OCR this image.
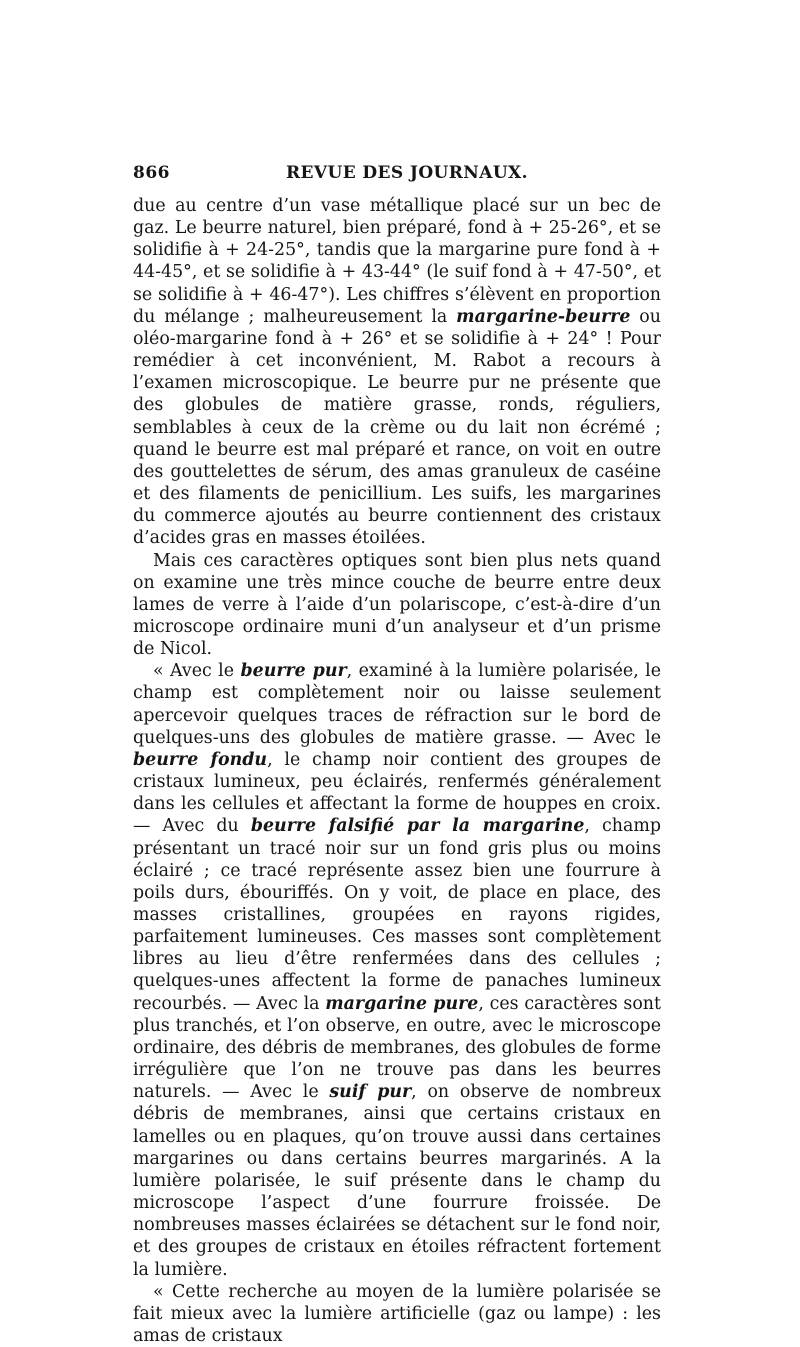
866	REVUE DES JOURNAUX.

due au centre d’un vase métallique placé sur un bec de gaz. Le beurre naturel, bien préparé, fond à + 25-26°, et se solidifie à + 24-25°, tandis que la margarine pure fond à + 44-45°, et se solidifie à + 43-44° (le suif fond à + 47-50°, et se solidifie à + 46-47°). Les chiffres s’élèvent en proportion du mélange ; malheureusement la margarine-beurre ou oléo-margarine fond à + 26° et se solidifie à + 24° ! Pour remédier à cet inconvénient, M. Rabot a recours à l’examen microscopique. Le beurre pur ne présente que des globules de matière grasse, ronds, réguliers, semblables à ceux de la crème ou du lait non écrémé ; quand le beurre est mal préparé et rance, on voit en outre des gouttelettes de sérum, des amas granuleux de caséine et des filaments de penicillium. Les suifs, les margarines du commerce ajoutés au beurre contiennent des cristaux d’acides gras en masses étoilées.

Mais ces caractères optiques sont bien plus nets quand on examine une très mince couche de beurre entre deux lames de verre à l’aide d’un polariscope, c’est-à-dire d’un microscope ordinaire muni d’un analyseur et d’un prisme de Nicol.

« Avec le beurre pur, examiné à la lumière polarisée, le champ est complètement noir ou laisse seulement apercevoir quelques traces de réfraction sur le bord de quelques-uns des globules de matière grasse. — Avec le beurre fondu, le champ noir contient des groupes de cristaux lumineux, peu éclairés, renfermés généralement dans les cellules et affectant la forme de houppes en croix. — Avec du beurre falsifié par la margarine, champ présentant un tracé noir sur un fond gris plus ou moins éclairé ; ce tracé représente assez bien une fourrure à poils durs, ébouriffés. On y voit, de place en place, des masses cristallines, groupées en rayons rigides, parfaitement lumineuses. Ces masses sont complètement libres au lieu d’être renfermées dans des cellules ; quelques-unes affectent la forme de panaches lumineux recourbés. — Avec la margarine pure, ces caractères sont plus tranchés, et l’on observe, en outre, avec le microscope ordinaire, des débris de membranes, des globules de forme irrégulière que l’on ne trouve pas dans les beurres naturels. — Avec le suif pur, on observe de nombreux débris de membranes, ainsi que certains cristaux en lamelles ou en plaques, qu’on trouve aussi dans certaines margarines ou dans certains beurres margarinés. A la lumière polarisée, le suif présente dans le champ du microscope l’aspect d’une fourrure froissée. De nombreuses masses éclairées se détachent sur le fond noir, et des groupes de cristaux en étoiles réfractent fortement la lumière.

« Cette recherche au moyen de la lumière polarisée se fait mieux avec la lumière artificielle (gaz ou lampe) : les amas de cristaux
